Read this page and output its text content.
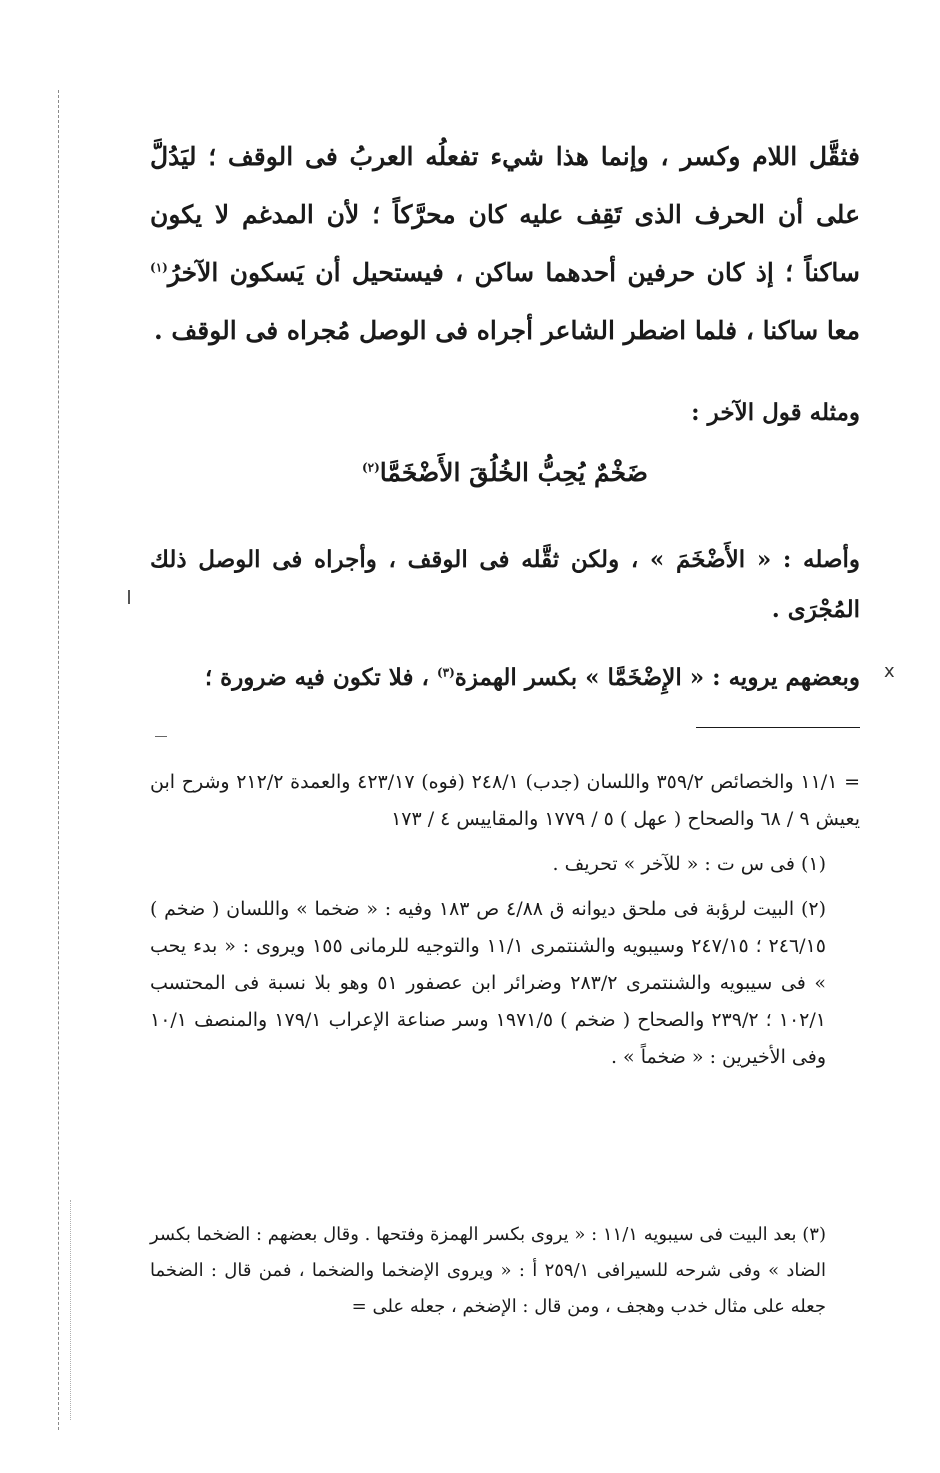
فثقَّل اللام وكسر ، وإنما هذا شيء تفعلُه العربُ فى الوقف ؛ ليَدُلَّ على أن الحرف الذى تَقِف عليه كان محرَّكاً ؛ لأن المدغم لا يكون ساكناً ؛ إذ كان حرفين أحدهما ساكن ، فيستحيل أن يَسكون الآخرُ$^{(١)}$ معا ساكنا ، فلما اضطر الشاعر أجراه فى الوصل مُجراه فى الوقف .
ومثله قول الآخر :
ضَخْمٌ يُحِبُّ الخُلُقَ الأَضْخَمَّا$^{(٢)}$
وأصله : « الأَضْخَمَ » ، ولكن ثقَّله فى الوقف ، وأجراه فى الوصل ذلك المُجْرَى .
وبعضهم يرويه : « الإِضْخَمَّا » بكسر الهمزة$^{(٣)}$ ، فلا تكون فيه ضرورة ؛	x

= ١١/١ والخصائص ٣٥٩/٢ واللسان (جدب) ٢٤٨/١ (فوه) ٤٢٣/١٧ والعمدة ٢١٢/٢ وشرح ابن يعيش ٩ / ٦٨ والصحاح ( عهل ) ٥ / ١٧٧٩ والمقاييس ٤ / ١٧٣

(١) فى س ت : « للآخر » تحريف .

(٢) البيت لرؤبة فى ملحق ديوانه ق ٤/٨٨ ص ١٨٣ وفيه : « ضخما » واللسان ( ضخم ) ٢٤٦/١٥ ؛ ٢٤٧/١٥ وسيبويه والشنتمرى ١١/١ والتوجيه للرمانى ١٥٥ ويروى : « بدء يحب » فى سيبويه والشنتمرى ٢٨٣/٢ وضرائر ابن عصفور ٥١ وهو بلا نسبة فى المحتسب ١٠٢/١ ؛ ٢٣٩/٢ والصحاح ( ضخم ) ١٩٧١/٥ وسر صناعة الإعراب ١٧٩/١ والمنصف ١٠/١ وفى الأخيرين : « ضخماً » .

(٣) بعد البيت فى سيبويه ١١/١ : « يروى بكسر الهمزة وفتحها . وقال بعضهم : الضخما بكسر الضاد » وفى شرحه للسيرافى ٢٥٩/١ أ : « ويروى الإضخما والضخما ، فمن قال : الضخما جعله على مثال خدب وهجف ، ومن قال : الإضخم ، جعله على =
